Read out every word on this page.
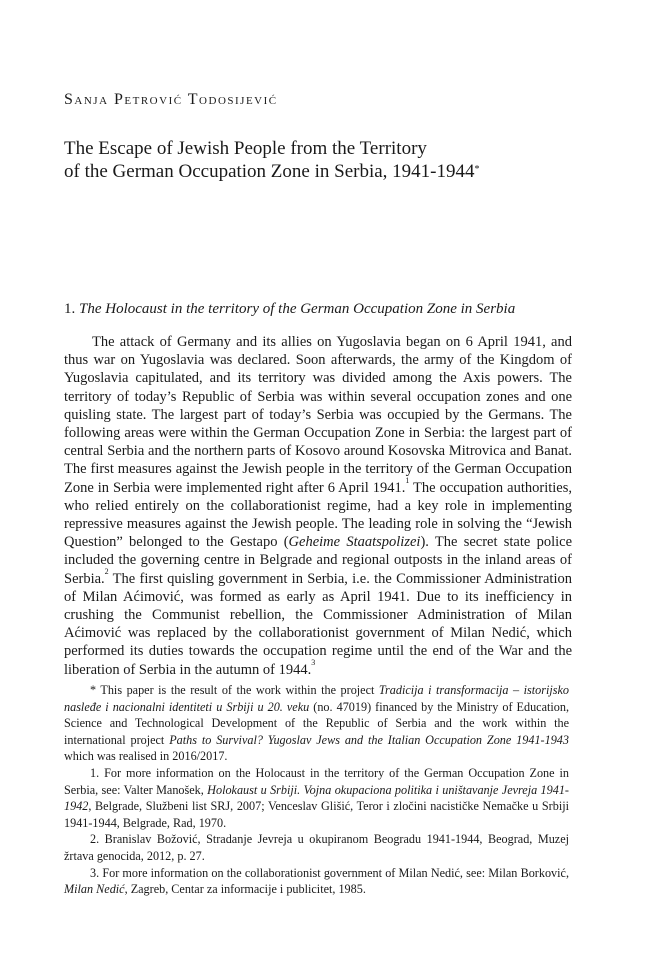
Sanja Petrović Todosijević
The Escape of Jewish People from the Territory
of the German Occupation Zone in Serbia, 1941-1944*
1. The Holocaust in the territory of the German Occupation Zone in Serbia

The attack of Germany and its allies on Yugoslavia began on 6 April 1941, and thus war on Yugoslavia was declared. Soon afterwards, the army of the Kingdom of Yugoslavia capitulated, and its territory was divided among the Axis powers. The territory of today’s Republic of Serbia was within several occupation zones and one quisling state. The largest part of today’s Serbia was occupied by the Germans. The following areas were within the German Occupation Zone in Serbia: the largest part of central Serbia and the northern parts of Kosovo around Kosovska Mitrovica and Banat. The first measures against the Jewish people in the territory of the German Occupation Zone in Serbia were implemented right after 6 April 1941.$^1$ The occupation authorities, who relied entirely on the collaborationist regime, had a key role in implementing repressive measures against the Jewish people. The leading role in solving the “Jewish Question” belonged to the Gestapo (Geheime Staatspolizei). The secret state police included the governing centre in Belgrade and regional outposts in the inland areas of Serbia.$^2$ The first quisling government in Serbia, i.e. the Commissioner Administration of Milan Aćimović, was formed as early as April 1941. Due to its inefficiency in crushing the Communist rebellion, the Commissioner Administration of Milan Aćimović was replaced by the collaborationist government of Milan Nedić, which performed its duties towards the occupation regime until the end of the War and the liberation of Serbia in the autumn of 1944.$^3$

* This paper is the result of the work within the project Tradicija i transformacija – istorijsko nasleđe i nacionalni identiteti u Srbiji u 20. veku (no. 47019) financed by the Ministry of Education, Science and Technological Development of the Republic of Serbia and the work within the international project Paths to Survival? Yugoslav Jews and the Italian Occupation Zone 1941-1943 which was realised in 2016/2017.

1. For more information on the Holocaust in the territory of the German Occupation Zone in Serbia, see: Valter Manošek, Holokaust u Srbiji. Vojna okupaciona politika i uništavanje Jevreja 1941-1942, Belgrade, Službeni list SRJ, 2007; Venceslav Glišić, Teror i zločini nacističke Nemačke u Srbiji 1941-1944, Belgrade, Rad, 1970.

2. Branislav Božović, Stradanje Jevreja u okupiranom Beogradu 1941-1944, Beograd, Muzej žrtava genocida, 2012, p. 27.

3. For more information on the collaborationist government of Milan Nedić, see: Milan Borković, Milan Nedić, Zagreb, Centar za informacije i publicitet, 1985.
